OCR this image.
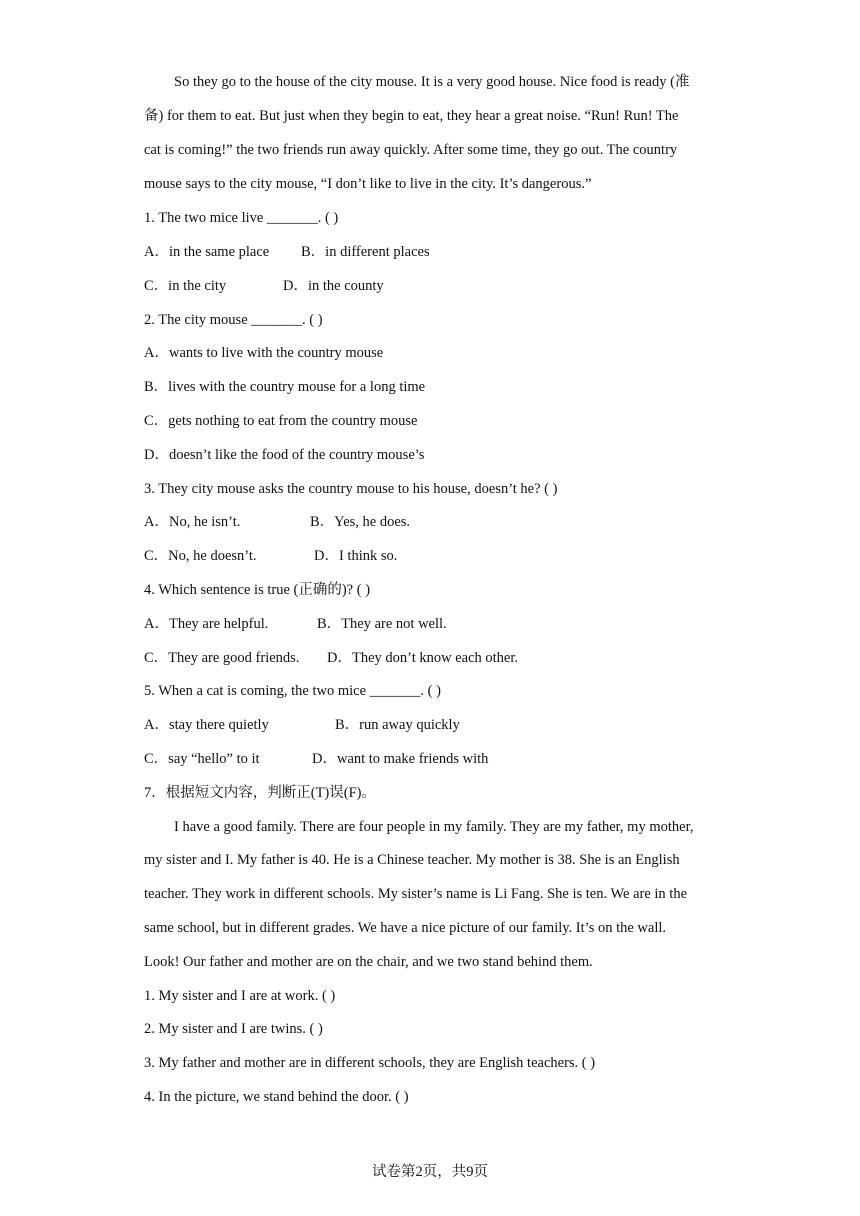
So they go to the house of the city mouse. It is a very good house. Nice food is ready (准
备) for them to eat. But just when they begin to eat, they hear a great noise. “Run! Run! The
cat is coming!” the two friends run away quickly. After some time, they go out. The country
mouse says to the city mouse, “I don’t like to live in the city. It’s dangerous.”
1. The two mice live _______. ( )
A．in the same place B．in different places
C．in the city	D．in the county
2. The city mouse _______. ( )
A．wants to live with the country mouse
B．lives with the country mouse for a long time
C．gets nothing to eat from the country mouse
D．doesn’t like the food of the country mouse’s
3. They city mouse asks the country mouse to his house, doesn’t he? ( )
A．No, he isn’t.	B．Yes, he does.
C．No, he doesn’t.	D．I think so.
4. Which sentence is true (正确的)? ( )
A．They are helpful.	B．They are not well.
C．They are good friends. D．They don’t know each other.
5. When a cat is coming, the two mice _______. ( )
A．stay there quietly	B．run away quickly
C．say “hello” to it	D．want to make friends with
7．根据短文内容，判断正(T)误(F)。
I have a good family. There are four people in my family. They are my father, my mother,
my sister and I. My father is 40. He is a Chinese teacher. My mother is 38. She is an English
teacher. They work in different schools. My sister’s name is Li Fang. She is ten. We are in the
same school, but in different grades. We have a nice picture of our family. It’s on the wall.
Look! Our father and mother are on the chair, and we two stand behind them.
1. My sister and I are at work. ( )
2. My sister and I are twins. ( )
3. My father and mother are in different schools, they are English teachers. ( )
4. In the picture, we stand behind the door. ( )
试卷第2页，共9页
